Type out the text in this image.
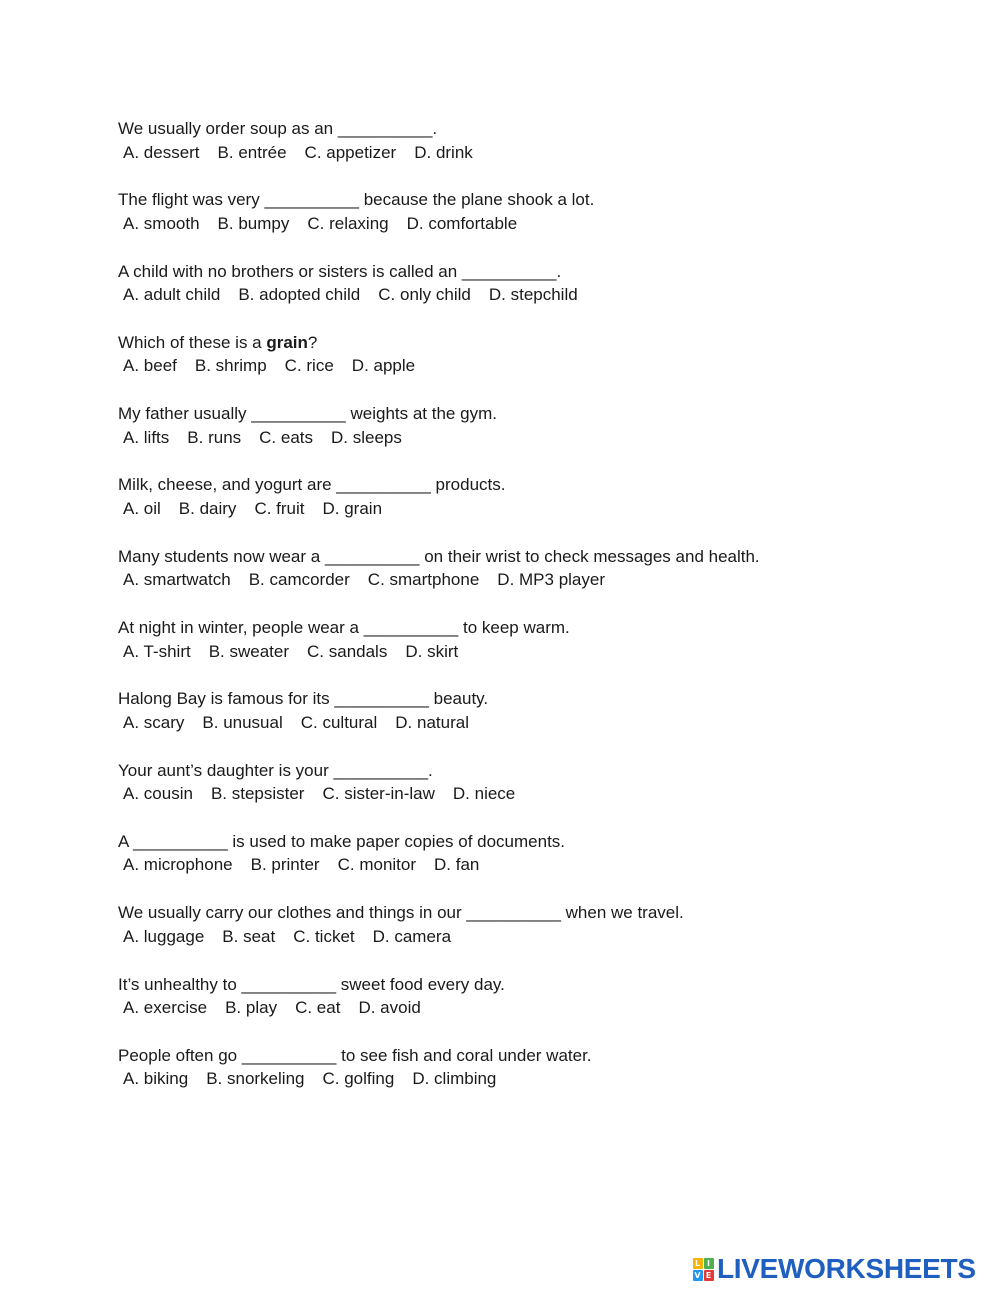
We usually order soup as an __________.
A. dessert B. entrée C. appetizer D. drink
The flight was very __________ because the plane shook a lot.
A. smooth B. bumpy C. relaxing D. comfortable
A child with no brothers or sisters is called an __________.
A. adult child B. adopted child C. only child D. stepchild
Which of these is a grain?
A. beef B. shrimp C. rice D. apple
My father usually __________ weights at the gym.
A. lifts B. runs C. eats D. sleeps
Milk, cheese, and yogurt are __________ products.
A. oil B. dairy C. fruit D. grain
Many students now wear a __________ on their wrist to check messages and health.
A. smartwatch B. camcorder C. smartphone D. MP3 player
At night in winter, people wear a __________ to keep warm.
A. T-shirt B. sweater C. sandals D. skirt
Halong Bay is famous for its __________ beauty.
A. scary B. unusual C. cultural D. natural
Your aunt’s daughter is your __________.
A. cousin B. stepsister C. sister-in-law D. niece
A __________ is used to make paper copies of documents.
A. microphone B. printer C. monitor D. fan
We usually carry our clothes and things in our __________ when we travel.
A. luggage B. seat C. ticket D. camera
It’s unhealthy to __________ sweet food every day.
A. exercise B. play C. eat D. avoid
People often go __________ to see fish and coral under water.
A. biking B. snorkeling C. golfing D. climbing
L I
V E LIVEWORKSHEETS
